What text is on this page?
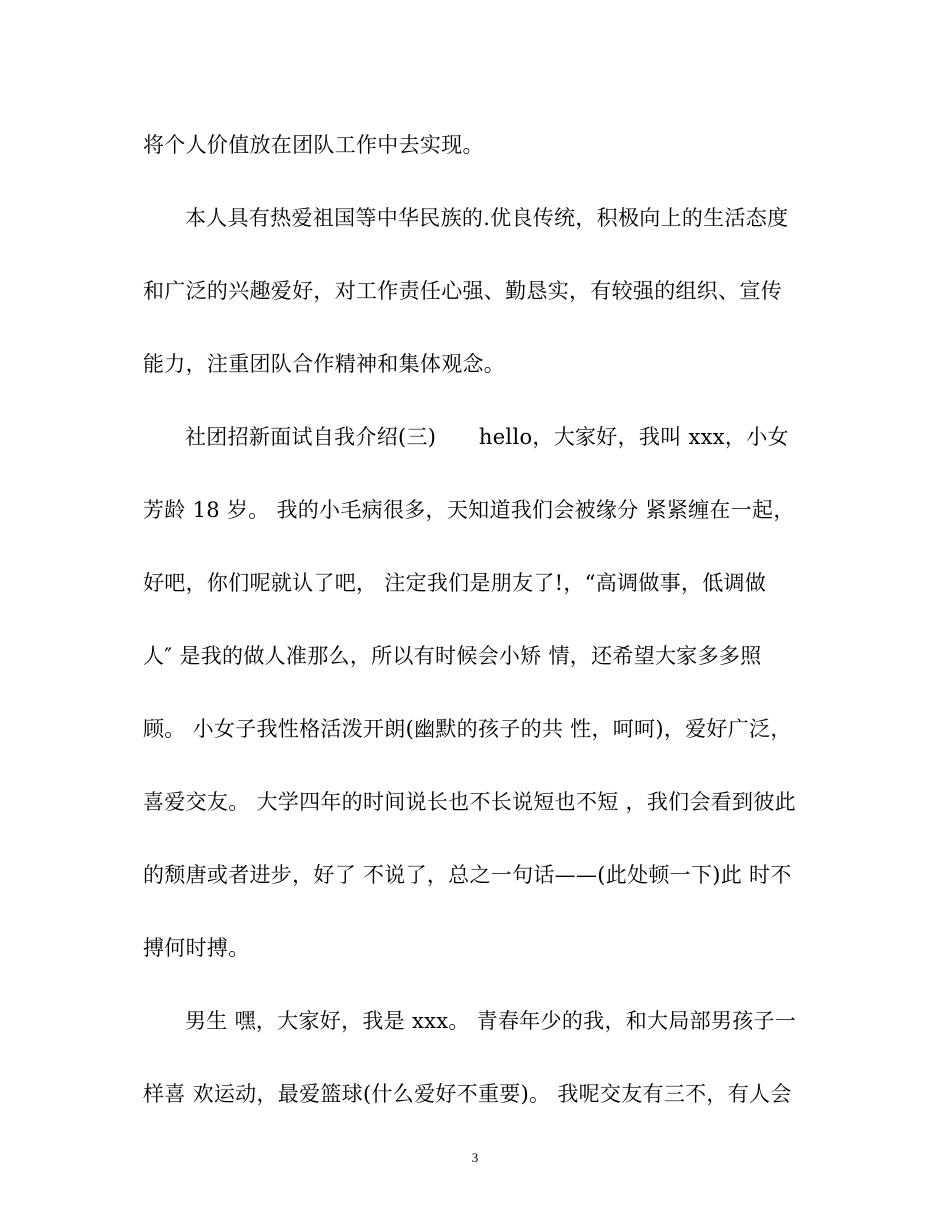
将个人价值放在团队工作中去实现。
本人具有热爱祖国等中华民族的.优良传统，积极向上的生活态度
和广泛的兴趣爱好，对工作责任心强、勤恳实，有较强的组织、宣传
能力，注重团队合作精神和集体观念。
社团招新面试自我介绍(三)　　hello，大家好，我叫 xxx，小女
芳龄 18 岁。 我的小毛病很多，天知道我们会被缘分 紧紧缠在一起，
好吧，你们呢就认了吧， 注定我们是朋友了!，“高调做事，低调做
人″ 是我的做人准那么，所以有时候会小矫 情，还希望大家多多照
顾。 小女子我性格活泼开朗(幽默的孩子的共 性，呵呵)，爱好广泛，
喜爱交友。 大学四年的时间说长也不长说短也不短 ，我们会看到彼此
的颓唐或者进步，好了 不说了，总之一句话——(此处顿一下)此 时不
搏何时搏。
男生 嘿，大家好，我是 xxx。 青春年少的我，和大局部男孩子一
样喜 欢运动，最爱篮球(什么爱好不重要)。 我呢交友有三不，有人会
3
